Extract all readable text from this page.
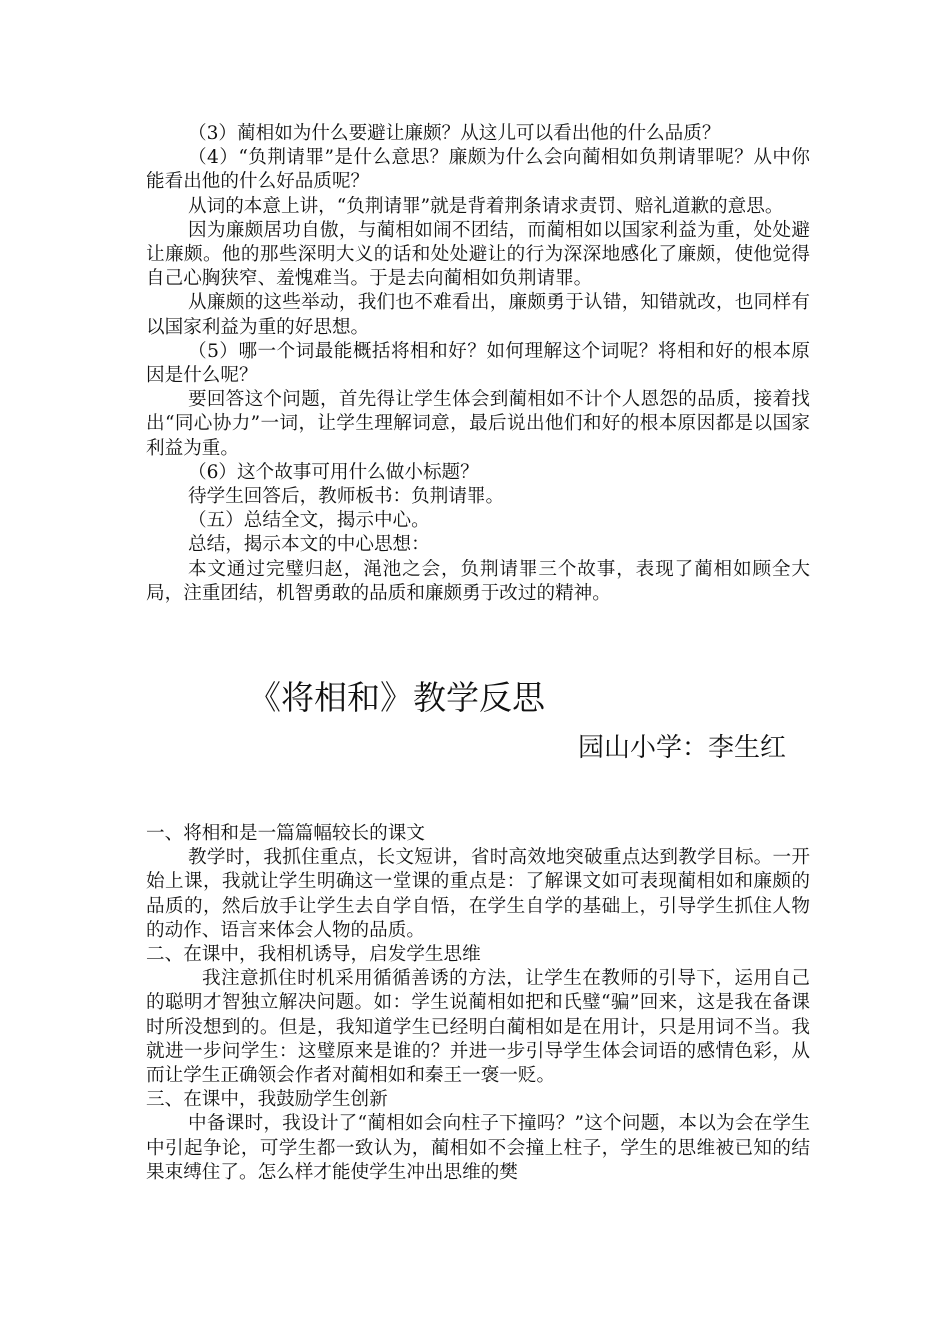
（3）蔺相如为什么要避让廉颇？从这儿可以看出他的什么品质？

（4）“负荆请罪”是什么意思？廉颇为什么会向蔺相如负荆请罪呢？从中你能看出他的什么好品质呢？

从词的本意上讲，“负荆请罪”就是背着荆条请求责罚、赔礼道歉的意思。

因为廉颇居功自傲，与蔺相如闹不团结，而蔺相如以国家利益为重，处处避让廉颇。他的那些深明大义的话和处处避让的行为深深地感化了廉颇，使他觉得自己心胸狭窄、羞愧难当。于是去向蔺相如负荆请罪。

从廉颇的这些举动，我们也不难看出，廉颇勇于认错，知错就改，也同样有以国家利益为重的好思想。

（5）哪一个词最能概括将相和好？如何理解这个词呢？将相和好的根本原因是什么呢？

要回答这个问题，首先得让学生体会到蔺相如不计个人恩怨的品质，接着找出“同心协力”一词，让学生理解词意，最后说出他们和好的根本原因都是以国家利益为重。

（6）这个故事可用什么做小标题？

待学生回答后，教师板书：负荆请罪。

（五）总结全文，揭示中心。

总结，揭示本文的中心思想：

本文通过完璧归赵，渑池之会，负荆请罪三个故事，表现了蔺相如顾全大局，注重团结，机智勇敢的品质和廉颇勇于改过的精神。

《将相和》教学反思

园山小学：李生红

一、将相和是一篇篇幅较长的课文

教学时，我抓住重点，长文短讲，省时高效地突破重点达到教学目标。一开始上课，我就让学生明确这一堂课的重点是：了解课文如可表现蔺相如和廉颇的品质的，然后放手让学生去自学自悟，在学生自学的基础上，引导学生抓住人物的动作、语言来体会人物的品质。

二、在课中，我相机诱导，启发学生思维

我注意抓住时机采用循循善诱的方法，让学生在教师的引导下，运用自己的聪明才智独立解决问题。如：学生说蔺相如把和氏璧“骗”回来，这是我在备课时所没想到的。但是，我知道学生已经明白蔺相如是在用计，只是用词不当。我就进一步问学生：这璧原来是谁的？并进一步引导学生体会词语的感情色彩，从而让学生正确领会作者对蔺相如和秦王一褒一贬。

三、在课中，我鼓励学生创新

中备课时，我设计了“蔺相如会向柱子下撞吗？”这个问题，本以为会在学生中引起争论，可学生都一致认为，蔺相如不会撞上柱子，学生的思维被已知的结果束缚住了。怎么样才能使学生冲出思维的樊
